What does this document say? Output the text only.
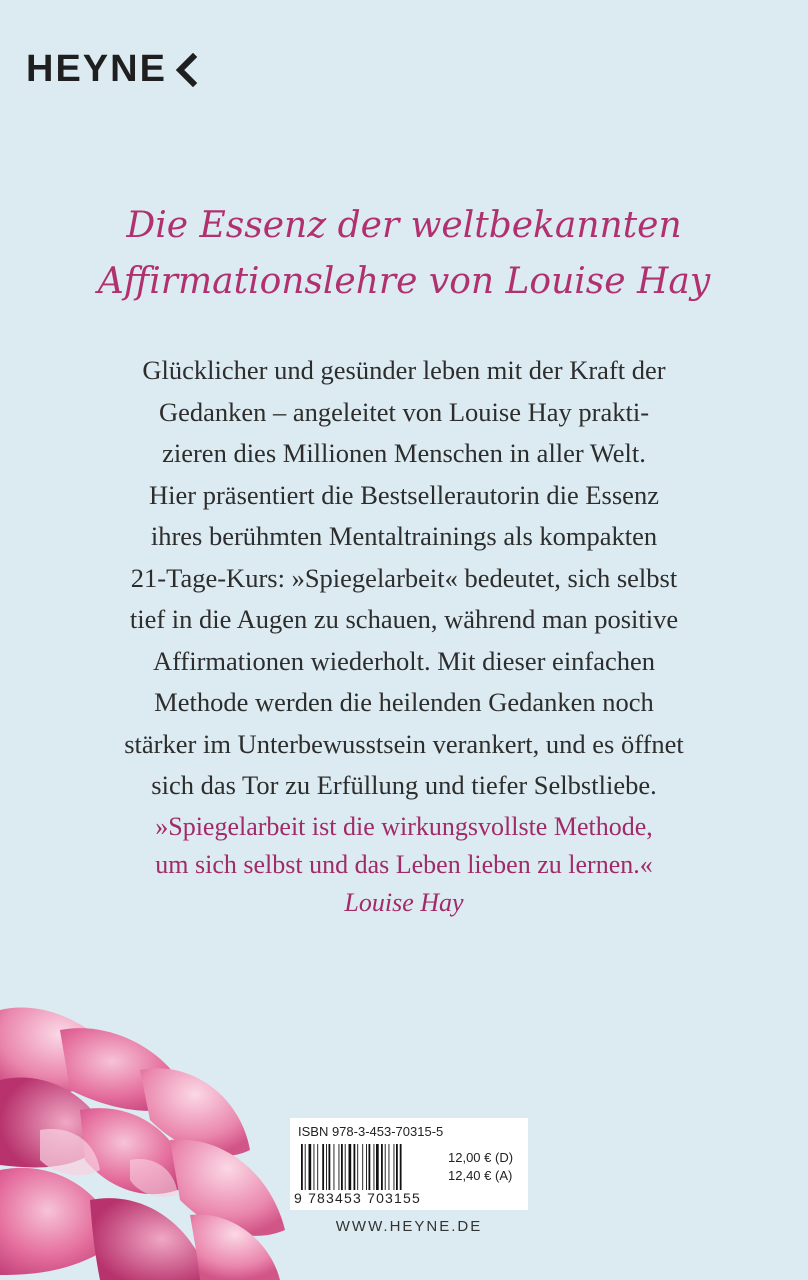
HEYNE
Die Essenz der weltbekannten
Affirmationslehre von Louise Hay
Glücklicher und gesünder leben mit der Kraft der
Gedanken – angeleitet von Louise Hay prakti-
zieren dies Millionen Menschen in aller Welt.
Hier präsentiert die Bestsellerautorin die Essenz
ihres berühmten Mentaltrainings als kompakten
21-Tage-Kurs: »Spiegelarbeit« bedeutet, sich selbst
tief in die Augen zu schauen, während man positive
Affirmationen wiederholt. Mit dieser einfachen
Methode werden die heilenden Gedanken noch
stärker im Unterbewusstsein verankert, und es öffnet
sich das Tor zu Erfüllung und tiefer Selbstliebe.
»Spiegelarbeit ist die wirkungsvollste Methode,
um sich selbst und das Leben lieben zu lernen.«
Louise Hay
ISBN 978-3-453-70315-5
9 783453 703155
12,00 € (D)
12,40 € (A)
WWW.HEYNE.DE
